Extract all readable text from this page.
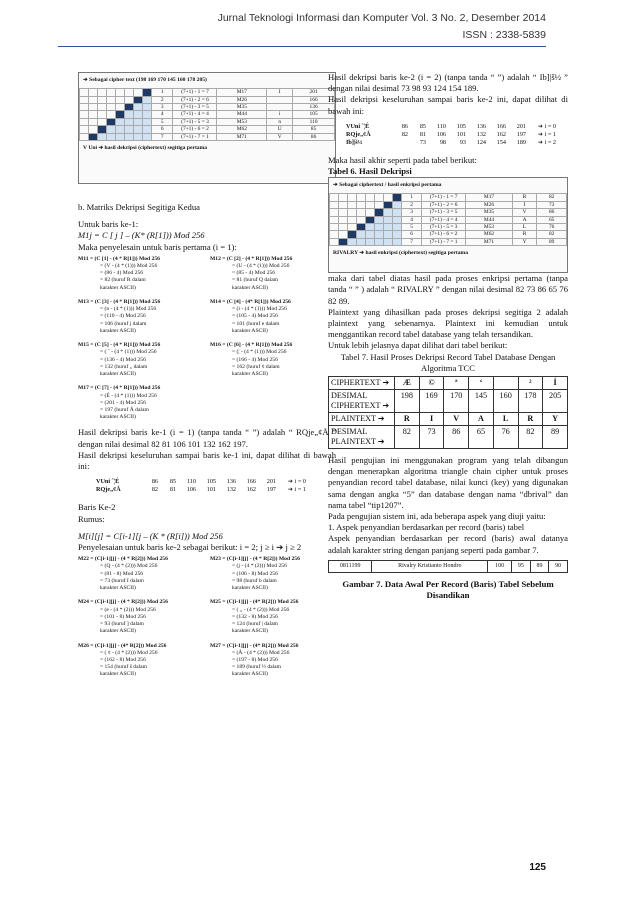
Jurnal Teknologi Informasi dan Komputer Vol. 3 No. 2, Desember 2014
ISSN : 2338-5839
➔ Sebagai cipher text (198 169 170 145 160 178 205)
								1	(7+1) - 1 = 7	M17	I	201
								2	(7+1) - 2 = 6	M26		166
								3	(7+1) - 3 = 5	M35		136
								4	(7+1) - 4 = 4	M44	i	105
								5	(7+1) - 5 = 3	M53	n	110
								6	(7+1) - 6 = 2	M62	U	85
								7	(7+1) - 7 = 1	M71	V	86
V Uni ➔ hasil dekripsi (ciphertext) segitiga pertama

b. Matriks Dekripsi Segitiga Kedua

Untuk baris ke-1:

M1j = C [ j ] – (K* (R[1])) Mod 256

Maka penyelesain untuk baris pertama (i = 1):

M11 = (C [1] - (4 * R[1])) Mod 256	M12 = (C [2] - (4 * R[1])) Mod 256
= (V - (4 * (1))) Mod 256	= (U - (4 * (1))) Mod 256
= (86 - 4) Mod 256	= (85 - 4) Mod 256
= 82 (huruf R dalam	= 81 (huruf Q dalam
karakter ASCII)	karakter ASCII)

M13 = (C [3] - (4 * R[1])) Mod 256	M14 = (C [4] - (4* R[1])) Mod 256
= (n - (4 * (1))) Mod 256	= (i - (4 * (1))) Mod 256
= (110 - 4) Mod 256	= (105 - 4) Mod 256
= 106 (huruf j dalam	= 101 (huruf e dalam
karakter ASCII)	karakter ASCII)

M15 = (C [5] - (4 * R[1])) Mod 256	M16 = (C [6] - (4 * R[1])) Mod 256
= ( ˆ - (4 * (1))) Mod 256	= (¦ - (4 * (1))) Mod 256
= (136 - 4) Mod 256	= (166 - 4) Mod 256
= 132 (huruf „ dalam	= 162 (huruf ¢ dalam
karakter ASCII)	karakter ASCII)

M17 = (C [7] - (4 * R[1])) Mod 256

= (É - (4 * (1))) Mod 256

= (201 - 4) Mod 256

= 197 (huruf Å dalam

karakter ASCII)

Hasil dekripsi baris ke-1 (i = 1) (tanpa tanda “ ”) adalah “ RQje„¢Å ” dengan nilai desimal 82 81 106 101 132 162 197.

Hasil dekripsi keseluruhan sampai baris ke-1 ini, dapat dilihat di bawah ini:

VUni ˆ¦É	86 85 110 105 136 166 201 ➔ i = 0
RQje„¢Å	82 81 106 101 132 162 197 ➔ i = 1

Baris Ke-2

Rumus:

M[i][j] = C[i-1][j – (K * (R[i])) Mod 256

Penyelesaian untuk baris ke-2 sebagai berikut: i = 2; j ≥ i ➔ j ≥ 2

M22 = (C[i-1][j] - (4 * R[2])) Mod 256	M23 = (C[i-1][j] - (4 * R[2])) Mod 256
= (Q - (4 * (2))) Mod 256	= (j - (4 * (2))) Mod 256
= (81 - 8) Mod 256	= (106 - 8) Mod 256
= 73 (huruf I dalam	= 98 (huruf b dalam
karakter ASCII)	karakter ASCII)

M24 = (C[i-1][j] - (4 * R[2])) Mod 256	M25 = (C[i-1][j] - (4* R[2])) Mod 256
= (e - (4 * (2))) Mod 256	= ( „ - (4 * (2))) Mod 256
= (101 - 8) Mod 256	= (132 - 8) Mod 256
= 93 (huruf ] dalam	= 124 (huruf | dalam
karakter ASCII)	karakter ASCII)

M26 = (C[i-1][j] - (4* R[2])) Mod 256	M27 = (C[i-1][j] - (4* R[2])) Mod 256
= ( ¢ - (4 * (2))) Mod 256	= (Å - (4 * (2))) Mod 256
= (162 - 8) Mod 256	= (197 - 8) Mod 256
= 154 (huruf š dalam	= 189 (huruf ½ dalam
karakter ASCII)	karakter ASCII)

Hasil dekripsi baris ke-2 (i = 2) (tanpa tanda “ ”) adalah “ Ib]|š½ ” dengan nilai desimal 73 98 93 124 154 189.

Hasil dekripsi keseluruhan sampai baris ke-2 ini, dapat dilihat di bawah ini:

VUni ˆ¦É	86 85 110 105 136 166 201 ➔ i = 0
RQje„¢Å	82 81 106 101 132 162 197 ➔ i = 1
Ib]|š½	73 98 93 124 154 189 ➔ i = 2

Maka hasil akhir seperti pada tabel berikut:

Tabel 6. Hasil Dekripsi

➔ Sebagai ciphertext / hasil enkripsi pertama
								1	(7+1) - 1 = 7	M17	R	82
								2	(7+1) - 2 = 6	M26	I	73
								3	(7+1) - 3 = 5	M35	V	86
								4	(7+1) - 4 = 4	M44	A	65
								5	(7+1) - 5 = 3	M53	L	76
								6	(7+1) - 6 = 2	M62	R	82
								7	(7+1) - 7 = 1	M71	Y	89
RIVALRY ➔ hasil enkripsi (ciphertext) segitiga pertama

maka dari tabel diatas hasil pada proses enkripsi pertama (tanpa tanda “ ” ) adalah “ RIVALRY ” dengan nilai desimal 82 73 86 65 76 82 89.

Plaintext yang dihasilkan pada proses dekripsi segitiga 2 adalah plaintext yang sebenarnya. Plaintext ini kemudian untuk menggantikan record tabel database yang telah tersandikan.

Untuk lebih jelasnya dapat dilihat dari tabel berikut:

Tabel 7. Hasil Proses Dekripsi Record Tabel Database Dengan Algoritma TCC

CIPHERTEXT ➔	Æ	©	ª	‘		²	Í
DESIMAL CIPHERTEXT ➔	198	169	170	145	160	178	205
PLAINTEXT ➔	R	I	V	A	L	R	Y
DESIMAL PLAINTEXT ➔	82	73	86	65	76	82	89

Hasil pengujian ini menggunakan program yang telah dibangun dengan menerapkan algoritma triangle chain cipher untuk proses penyandian record tabel database, nilai kunci (key) yang digunakan sama dengan angka “5” dan database dengan nama “dbrival” dan nama tabel “tip1207”.

Pada pengujian sistem ini, ada beberapa aspek yang diuji yaitu:

1. Aspek penyandian berdasarkan per record (baris) tabel

Aspek penyandian berdasarkan per record (baris) awal datanya adalah karakter string dengan panjang seperti pada gambar 7.

0811199	Rivalry Kristianto Hondro	100	95	89	90

Gambar 7. Data Awal Per Record (Baris) Tabel Sebelum Disandikan

125
